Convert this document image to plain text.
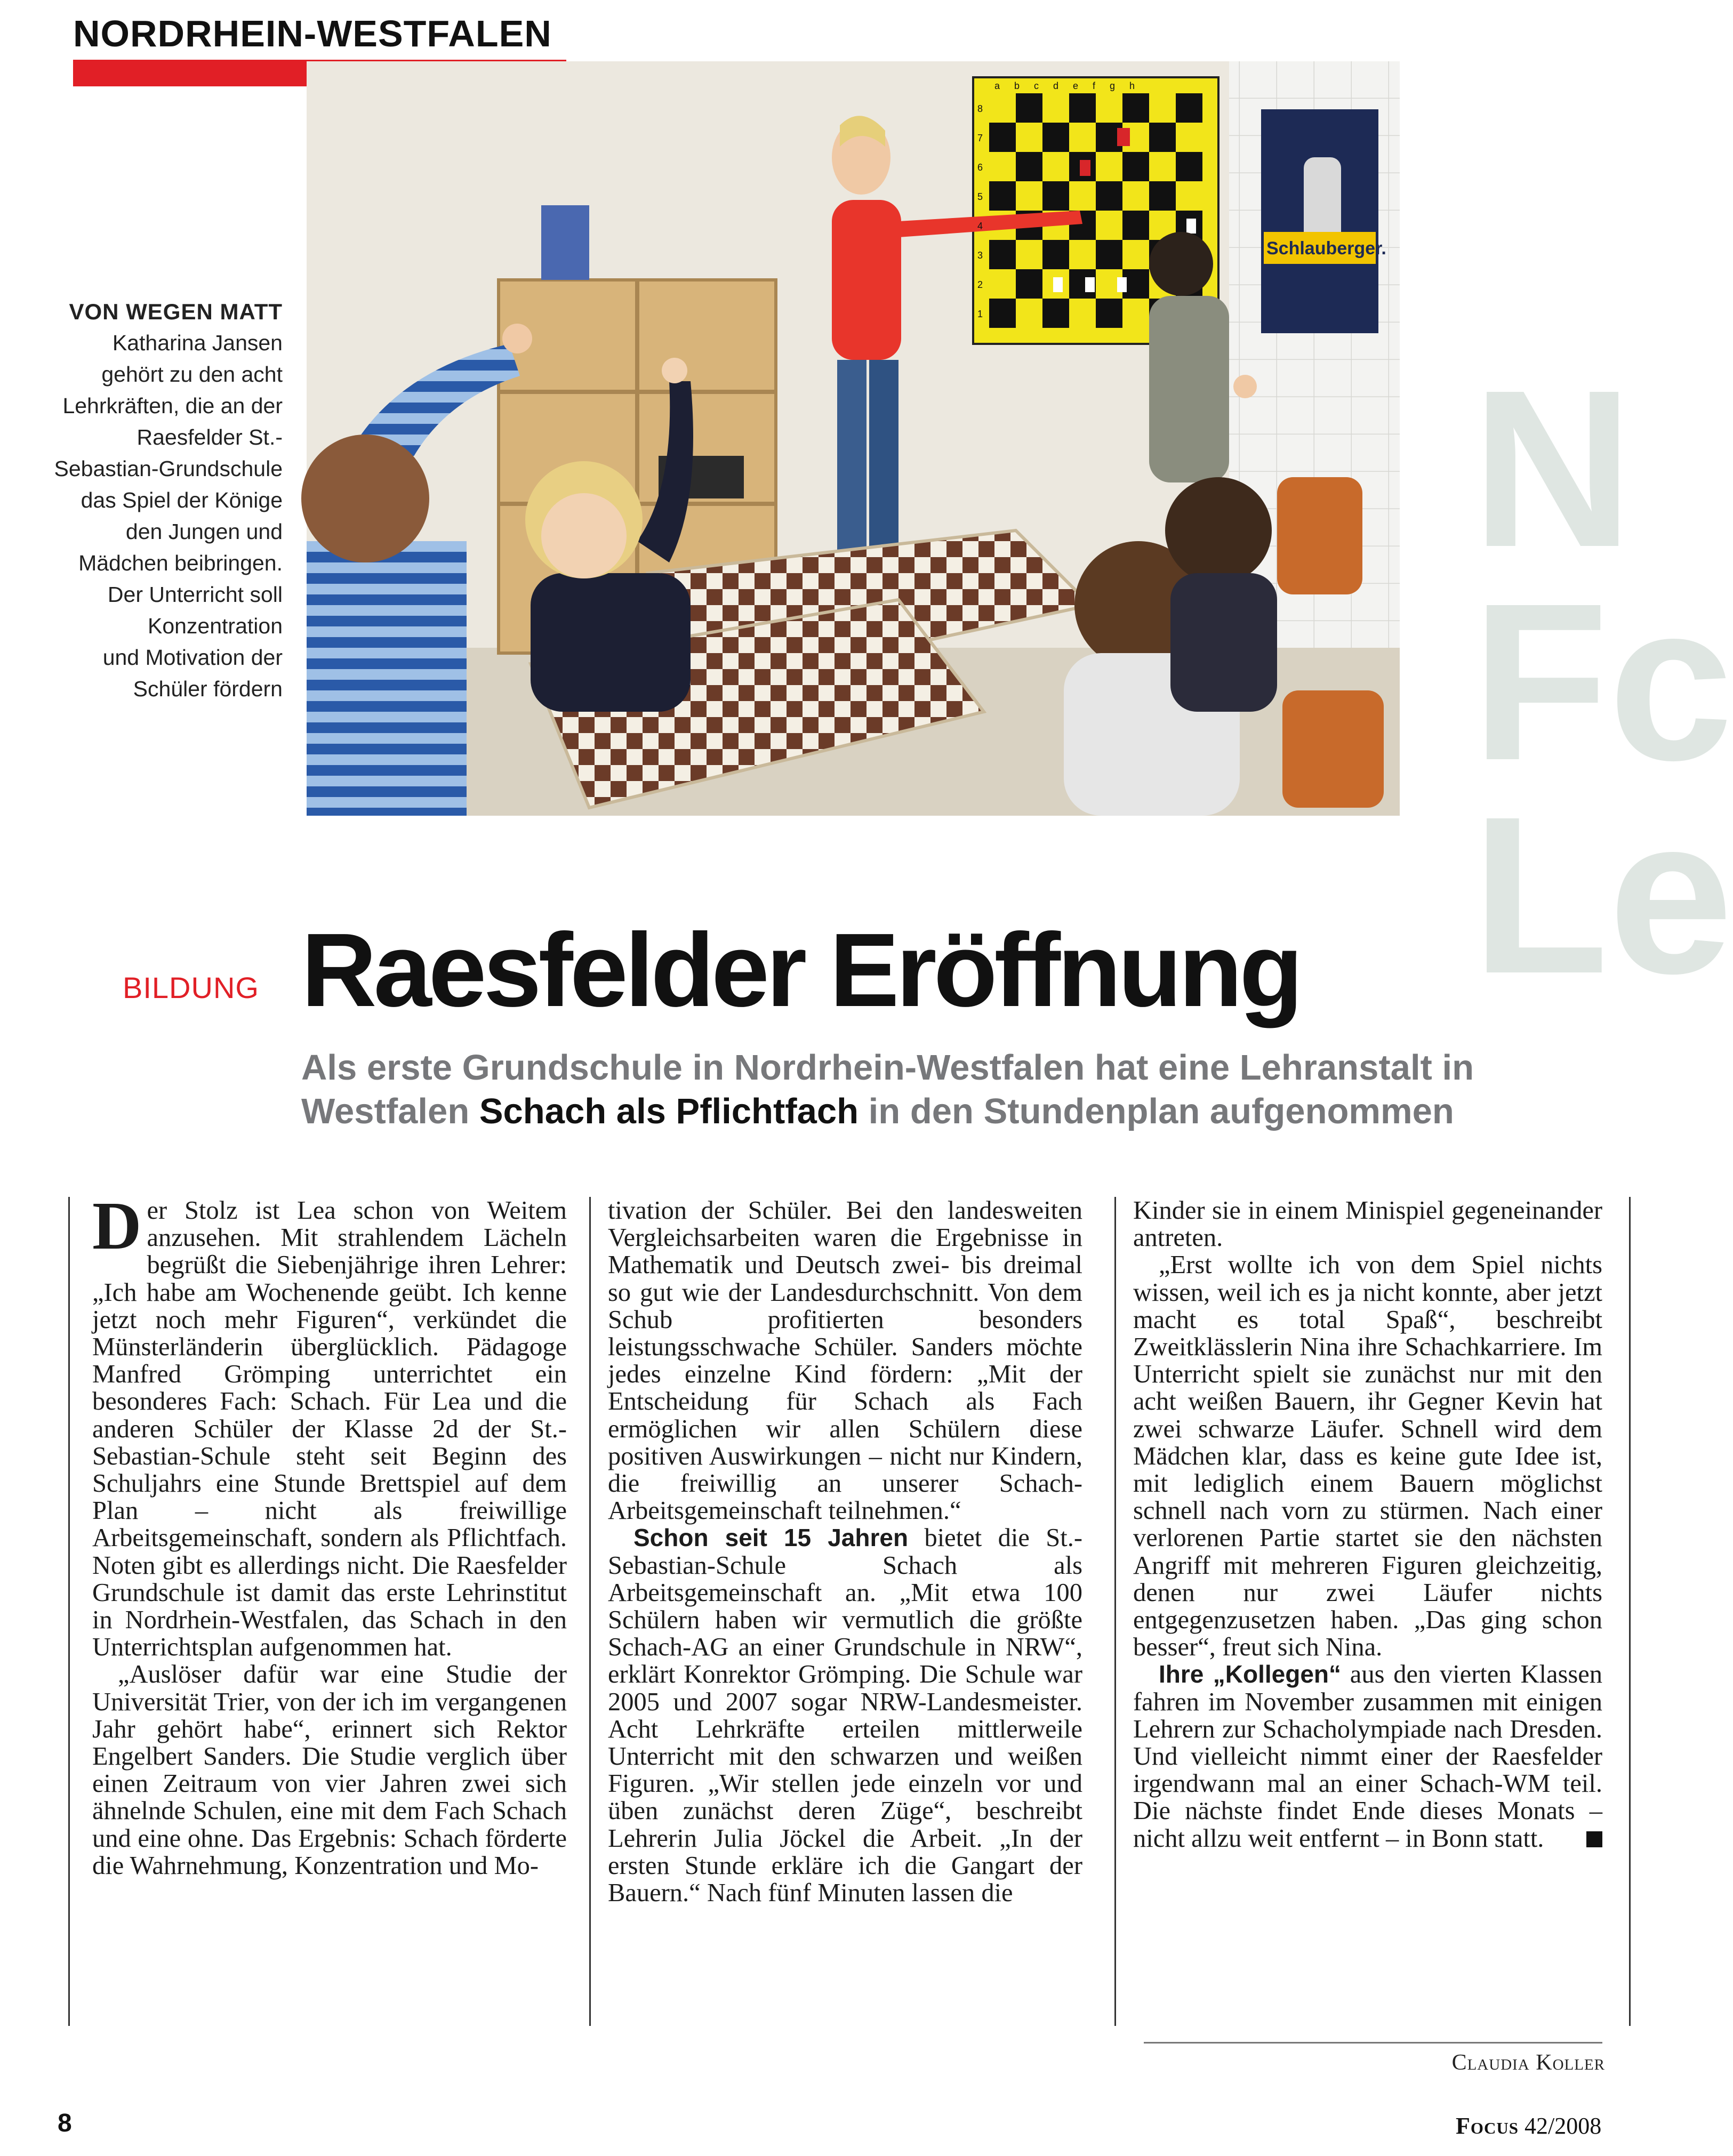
N
Fc
Le
NORDRHEIN-WESTFALEN
VON WEGEN MATT
Katharina Jansen
gehört zu den acht
Lehrkräften, die an der
Raesfelder St.-
Sebastian-Grundschule
das Spiel der Könige
den Jungen und
Mädchen beibringen.
Der Unterricht soll
Konzentration
und Motivation der
Schüler fördern
abcdefgh
Schlauberger.
8
7
6
5
4
3
2
1
BILDUNG Raesfelder Eröffnung
Als erste Grundschule in Nordrhein-Westfalen hat eine Lehranstalt in Westfalen Schach als Pflichtfach in den Stundenplan aufgenommen

Der Stolz ist Lea schon von Weitem anzusehen. Mit strahlendem Lächeln begrüßt die Siebenjährige ihren Lehrer: „Ich habe am Wochenende geübt. Ich kenne jetzt noch mehr Figuren“, verkündet die Münsterländerin überglücklich. Pädagoge Manfred Grömping unterrichtet ein besonderes Fach: Schach. Für Lea und die anderen Schüler der Klasse 2d der St.-Sebastian-Schule steht seit Beginn des Schuljahrs eine Stunde Brettspiel auf dem Plan – nicht als freiwillige Arbeitsgemeinschaft, sondern als Pflichtfach. Noten gibt es allerdings nicht. Die Raesfelder Grundschule ist damit das erste Lehrinstitut in Nordrhein-Westfalen, das Schach in den Unterrichtsplan aufgenommen hat.

„Auslöser dafür war eine Studie der Universität Trier, von der ich im vergangenen Jahr gehört habe“, erinnert sich Rektor Engelbert Sanders. Die Studie verglich über einen Zeitraum von vier Jahren zwei sich ähnelnde Schulen, eine mit dem Fach Schach und eine ohne. Das Ergebnis: Schach förderte die Wahrnehmung, Konzentration und Mo-

tivation der Schüler. Bei den landesweiten Vergleichsarbeiten waren die Ergebnisse in Mathematik und Deutsch zwei- bis dreimal so gut wie der Landesdurchschnitt. Von dem Schub profitierten besonders leistungsschwache Schüler. Sanders möchte jedes einzelne Kind fördern: „Mit der Entscheidung für Schach als Fach ermöglichen wir allen Schülern diese positiven Auswirkungen – nicht nur Kindern, die freiwillig an unserer Schach-Arbeitsgemeinschaft teilnehmen.“

Schon seit 15 Jahren bietet die St.-Sebastian-Schule Schach als Arbeitsgemeinschaft an. „Mit etwa 100 Schülern haben wir vermutlich die größte Schach-AG an einer Grundschule in NRW“, erklärt Konrektor Grömping. Die Schule war 2005 und 2007 sogar NRW-Landesmeister. Acht Lehrkräfte erteilen mittlerweile Unterricht mit den schwarzen und weißen Figuren. „Wir stellen jede einzeln vor und üben zunächst deren Züge“, beschreibt Lehrerin Julia Jöckel die Arbeit. „In der ersten Stunde erkläre ich die Gangart der Bauern.“ Nach fünf Minuten lassen die

Kinder sie in einem Minispiel gegeneinander antreten.

„Erst wollte ich von dem Spiel nichts wissen, weil ich es ja nicht konnte, aber jetzt macht es total Spaß“, beschreibt Zweitklässlerin Nina ihre Schachkarriere. Im Unterricht spielt sie zunächst nur mit den acht weißen Bauern, ihr Gegner Kevin hat zwei schwarze Läufer. Schnell wird dem Mädchen klar, dass es keine gute Idee ist, mit lediglich einem Bauern möglichst schnell nach vorn zu stürmen. Nach einer verlorenen Partie startet sie den nächsten Angriff mit mehreren Figuren gleichzeitig, denen nur zwei Läufer nichts entgegenzusetzen haben. „Das ging schon besser“, freut sich Nina.

Ihre „Kollegen“ aus den vierten Klassen fahren im November zusammen mit einigen Lehrern zur Schacholympiade nach Dresden. Und vielleicht nimmt einer der Raesfelder irgendwann mal an einer Schach-WM teil. Die nächste findet Ende dieses Monats – nicht allzu weit entfernt – in Bonn statt.

Claudia Koller
8	Focus 42/2008
